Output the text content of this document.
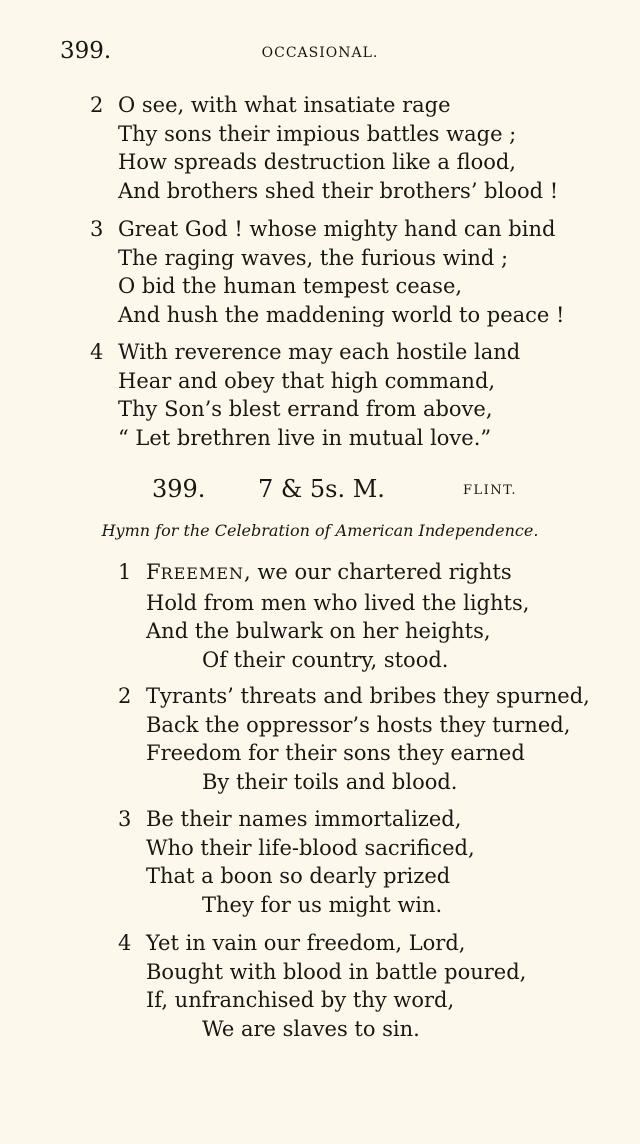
399.	OCCASIONAL.
2 O see, with what insatiate rage
Thy sons their impious battles wage ;
How spreads destruction like a flood,
And brothers shed their brothers’ blood !
3 Great God ! whose mighty hand can bind
The raging waves, the furious wind ;
O bid the human tempest cease,
And hush the maddening world to peace !
4 With reverence may each hostile land
Hear and obey that high command,
Thy Son’s blest errand from above,
“ Let brethren live in mutual love.”
399. 7 & 5s. M.	FLINT.
Hymn for the Celebration of American Independence.
1 FREEMEN, we our chartered rights
Hold from men who lived the lights,
And the bulwark on her heights,
Of their country, stood.
2 Tyrants’ threats and bribes they spurned,
Back the oppressor’s hosts they turned,
Freedom for their sons they earned
By their toils and blood.
3 Be their names immortalized,
Who their life-blood sacrificed,
That a boon so dearly prized
They for us might win.
4 Yet in vain our freedom, Lord,
Bought with blood in battle poured,
If, unfranchised by thy word,
We are slaves to sin.
